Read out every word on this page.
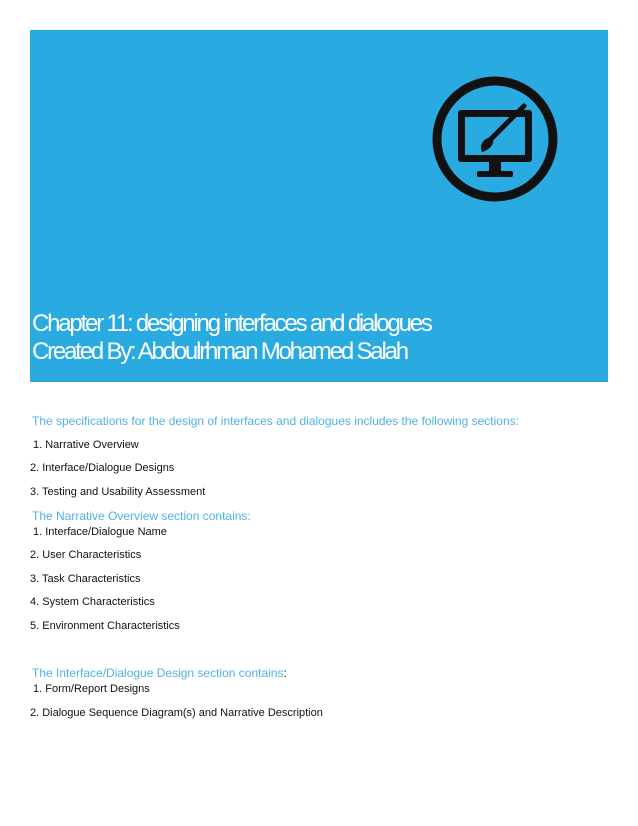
Chapter 11: designing interfaces and dialogues
Created By: Abdoulrhman Mohamed Salah
The specifications for the design of interfaces and dialogues includes the following sections:
1. Narrative Overview
2. Interface/Dialogue Designs
3. Testing and Usability Assessment
The Narrative Overview section contains:
1. Interface/Dialogue Name
2. User Characteristics
3. Task Characteristics
4. System Characteristics
5. Environment Characteristics
The Interface/Dialogue Design section contains:
1. Form/Report Designs
2. Dialogue Sequence Diagram(s) and Narrative Description
